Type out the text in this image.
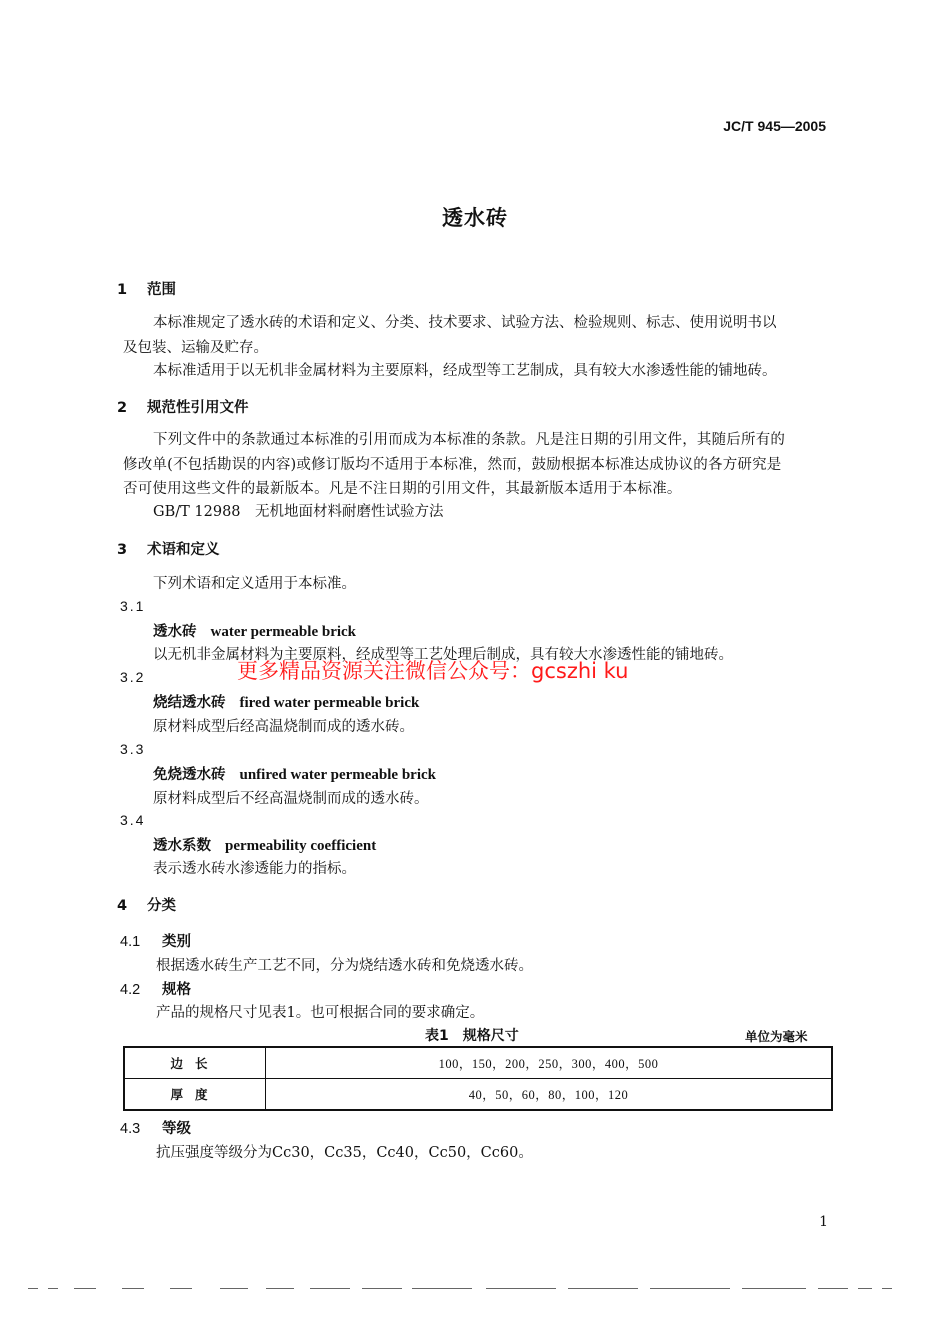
JC/T 945—2005
透水砖
1 范围
本标准规定了透水砖的术语和定义、分类、技术要求、试验方法、检验规则、标志、使用说明书以
及包装、运输及贮存。
本标准适用于以无机非金属材料为主要原料，经成型等工艺制成，具有较大水渗透性能的铺地砖。
2 规范性引用文件
下列文件中的条款通过本标准的引用而成为本标准的条款。凡是注日期的引用文件，其随后所有的
修改单(不包括勘误的内容)或修订版均不适用于本标准，然而，鼓励根据本标准达成协议的各方研究是
否可使用这些文件的最新版本。凡是不注日期的引用文件，其最新版本适用于本标准。
GB/T 12988　无机地面材料耐磨性试验方法
3 术语和定义
下列术语和定义适用于本标准。
3.1
透水砖 water permeable brick
以无机非金属材料为主要原料，经成型等工艺处理后制成，具有较大水渗透性能的铺地砖。
更多精品资源关注微信公众号：gcszhi ku
3.2
烧结透水砖 fired water permeable brick
原材料成型后经高温烧制而成的透水砖。
3.3
免烧透水砖 unfired water permeable brick
原材料成型后不经高温烧制而成的透水砖。
3.4
透水系数 permeability coefficient
表示透水砖水渗透能力的指标。
4 分类
4.1 类别
根据透水砖生产工艺不同，分为烧结透水砖和免烧透水砖。
4.2 规格
产品的规格尺寸见表1。也可根据合同的要求确定。
表1　规格尺寸	单位为毫米
边长	100，150，200，250，300，400，500
厚度	40，50，60，80，100，120
4.3 等级
抗压强度等级分为Cc30，Cc35，Cc40，Cc50，Cc60。
1
